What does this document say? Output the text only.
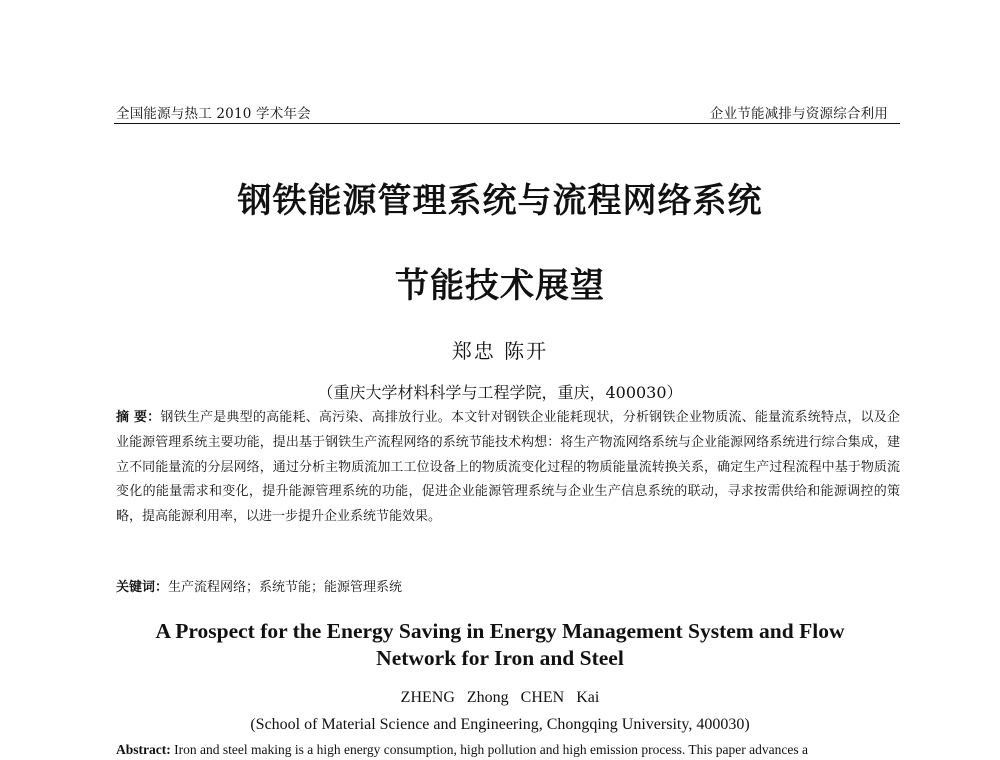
全国能源与热工 2010 学术年会	企业节能减排与资源综合利用
钢铁能源管理系统与流程网络系统
节能技术展望
郑忠 陈开
（重庆大学材料科学与工程学院，重庆，400030）
摘 要：钢铁生产是典型的高能耗、高污染、高排放行业。本文针对钢铁企业能耗现状，分析钢铁企业物质流、能量流系统特点，以及企业能源管理系统主要功能，提出基于钢铁生产流程网络的系统节能技术构想：将生产物流网络系统与企业能源网络系统进行综合集成，建立不同能量流的分层网络，通过分析主物质流加工工位设备上的物质流变化过程的物质能量流转换关系，确定生产过程流程中基于物质流变化的能量需求和变化，提升能源管理系统的功能，促进企业能源管理系统与企业生产信息系统的联动，寻求按需供给和能源调控的策略，提高能源利用率，以进一步提升企业系统节能效果。
关键词：生产流程网络；系统节能；能源管理系统
A Prospect for the Energy Saving in Energy Management System and Flow Network for Iron and Steel
ZHENG Zhong CHEN Kai
(School of Material Science and Engineering, Chongqing University, 400030)
Abstract: Iron and steel making is a high energy consumption, high pollution and high emission process. This paper advances a
